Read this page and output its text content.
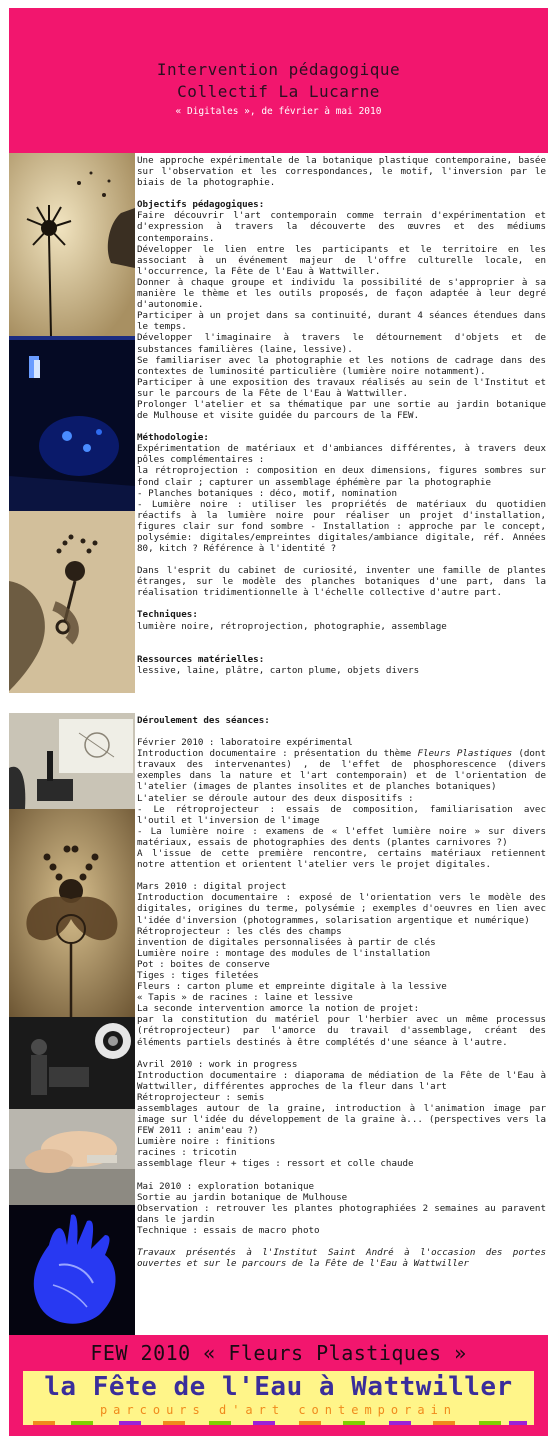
Intervention pédagogique
Collectif La Lucarne
« Digitales », de février à mai 2010

Une approche expérimentale de la botanique plastique contemporaine, basée sur l'observation et les correspondances, le motif, l'inversion par le biais de la photographie.

Objectifs pédagogiques:

Faire découvrir l'art contemporain comme terrain d'expérimentation et d'expression à travers la découverte des œuvres et des médiums contemporains.

Développer le lien entre les participants et le territoire en les associant à un événement majeur de l'offre culturelle locale, en l'occurrence, la Fête de l'Eau à Wattwiller.

Donner à chaque groupe et individu la possibilité de s'approprier à sa manière le thème et les outils proposés, de façon adaptée à leur degré d'autonomie.

Participer à un projet dans sa continuité, durant 4 séances étendues dans le temps.

Développer l'imaginaire à travers le détournement d'objets et de substances familières (laine, lessive).

Se familiariser avec la photographie et les notions de cadrage dans des contextes de luminosité particulière (lumière noire notamment).

Participer à une exposition des travaux réalisés au sein de l'Institut et sur le parcours de la Fête de l'Eau à Wattwiller.

Prolonger l'atelier et sa thématique par une sortie au jardin botanique de Mulhouse et visite guidée du parcours de la FEW.

Méthodologie:

Expérimentation de matériaux et d'ambiances différentes, à travers deux pôles complémentaires :

la rétroprojection : composition en deux dimensions, figures sombres sur fond clair ; capturer un assemblage éphémère par la photographie

- Planches botaniques : déco, motif, nomination

- Lumière noire : utiliser les propriétés de matériaux du quotidien réactifs à la lumière noire pour réaliser un projet d'installation, figures clair sur fond sombre - Installation : approche par le concept, polysémie: digitales/empreintes digitales/ambiance digitale, réf. Années 80, kitch ? Référence à l'identité ?

Dans l'esprit du cabinet de curiosité, inventer une famille de plantes étranges, sur le modèle des planches botaniques d'une part, dans la réalisation tridimentionnelle à l'échelle collective d'autre part.

Techniques:

lumière noire, rétroprojection, photographie, assemblage

Ressources matérielles:

lessive, laine, plâtre, carton plume, objets divers

Déroulement des séances:

Février 2010 : laboratoire expérimental

Introduction documentaire : présentation du thème Fleurs Plastiques (dont travaux des intervenantes) , de l'effet de phosphorescence (divers exemples dans la nature et l'art contemporain) et de l'orientation de l'atelier (images de plantes insolites et de planches botaniques)

L'atelier se déroule autour des deux dispositifs :

- Le rétroprojecteur : essais de composition, familiarisation avec l'outil et l'inversion de l'image

- La lumière noire : examens de « l'effet lumière noire » sur divers matériaux, essais de photographies des dents (plantes carnivores ?)

A l'issue de cette première rencontre, certains matériaux retiennent notre attention et orientent l'atelier vers le projet digitales.

Mars 2010 : digital project

Introduction documentaire : exposé de l'orientation vers le modèle des digitales, origines du terme, polysémie ; exemples d'oeuvres en lien avec l'idée d'inversion (photogrammes, solarisation argentique et numérique)

Rétroprojecteur : les clés des champs

invention de digitales personnalisées à partir de clés

Lumière noire : montage des modules de l'installation

Pot : boites de conserve

Tiges : tiges filetées

Fleurs : carton plume et empreinte digitale à la lessive

« Tapis » de racines : laine et lessive

La seconde intervention amorce la notion de projet:

par la constitution du matériel pour l'herbier avec un même processus (rétroprojecteur) par l'amorce du travail d'assemblage, créant des éléments partiels destinés à être complétés d'une séance à l'autre.

Avril 2010 : work in progress

Introduction documentaire : diaporama de médiation de la Fête de l'Eau à Wattwiller, différentes approches de la fleur dans l'art

Rétroprojecteur : semis

assemblages autour de la graine, introduction à l'animation image par image sur l'idée du développement de la graine à... (perspectives vers la FEW 2011 : anim'eau ?)

Lumière noire : finitions

racines : tricotin

assemblage fleur + tiges : ressort et colle chaude

Mai 2010 : exploration botanique

Sortie au jardin botanique de Mulhouse

Observation : retrouver les plantes photographiées 2 semaines au paravent dans le jardin

Technique : essais de macro photo

Travaux présentés à l'Institut Saint André à l'occasion des portes ouvertes et sur le parcours de la Fête de l'Eau à Wattwiller

FEW 2010 « Fleurs Plastiques »
la Fête de l'Eau à Wattwiller
parcours d'art contemporain
